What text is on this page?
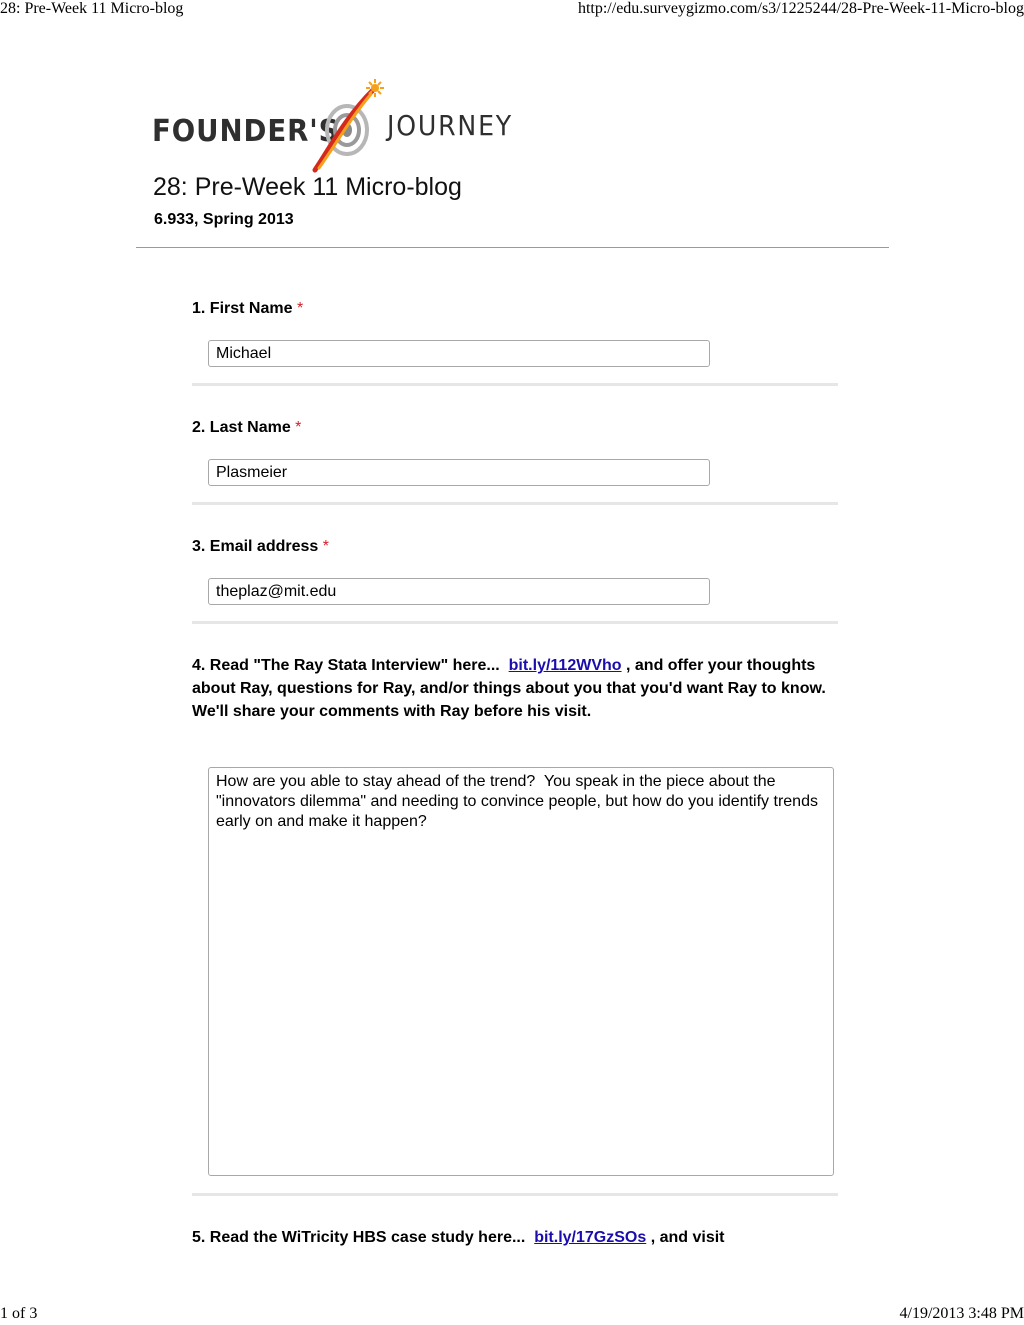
28: Pre-Week 11 Micro-blog	http://edu.surveygizmo.com/s3/1225244/28-Pre-Week-11-Micro-blog
FOUNDER'S JOURNEY
28: Pre-Week 11 Micro-blog
6.933, Spring 2013
1. First Name *
Michael
2. Last Name *
Plasmeier
3. Email address *
theplaz@mit.edu
4. Read "The Ray Stata Interview" here... bit.ly/112WVho , and offer your thoughts about Ray, questions for Ray, and/or things about you that you'd want Ray to know. We'll share your comments with Ray before his visit.
How are you able to stay ahead of the trend?  You speak in the piece about the "innovators dilemma" and needing to convince people, but how do you identify trends early on and make it happen?
5. Read the WiTricity HBS case study here... bit.ly/17GzSOs , and visit
1 of 3	4/19/2013 3:48 PM
